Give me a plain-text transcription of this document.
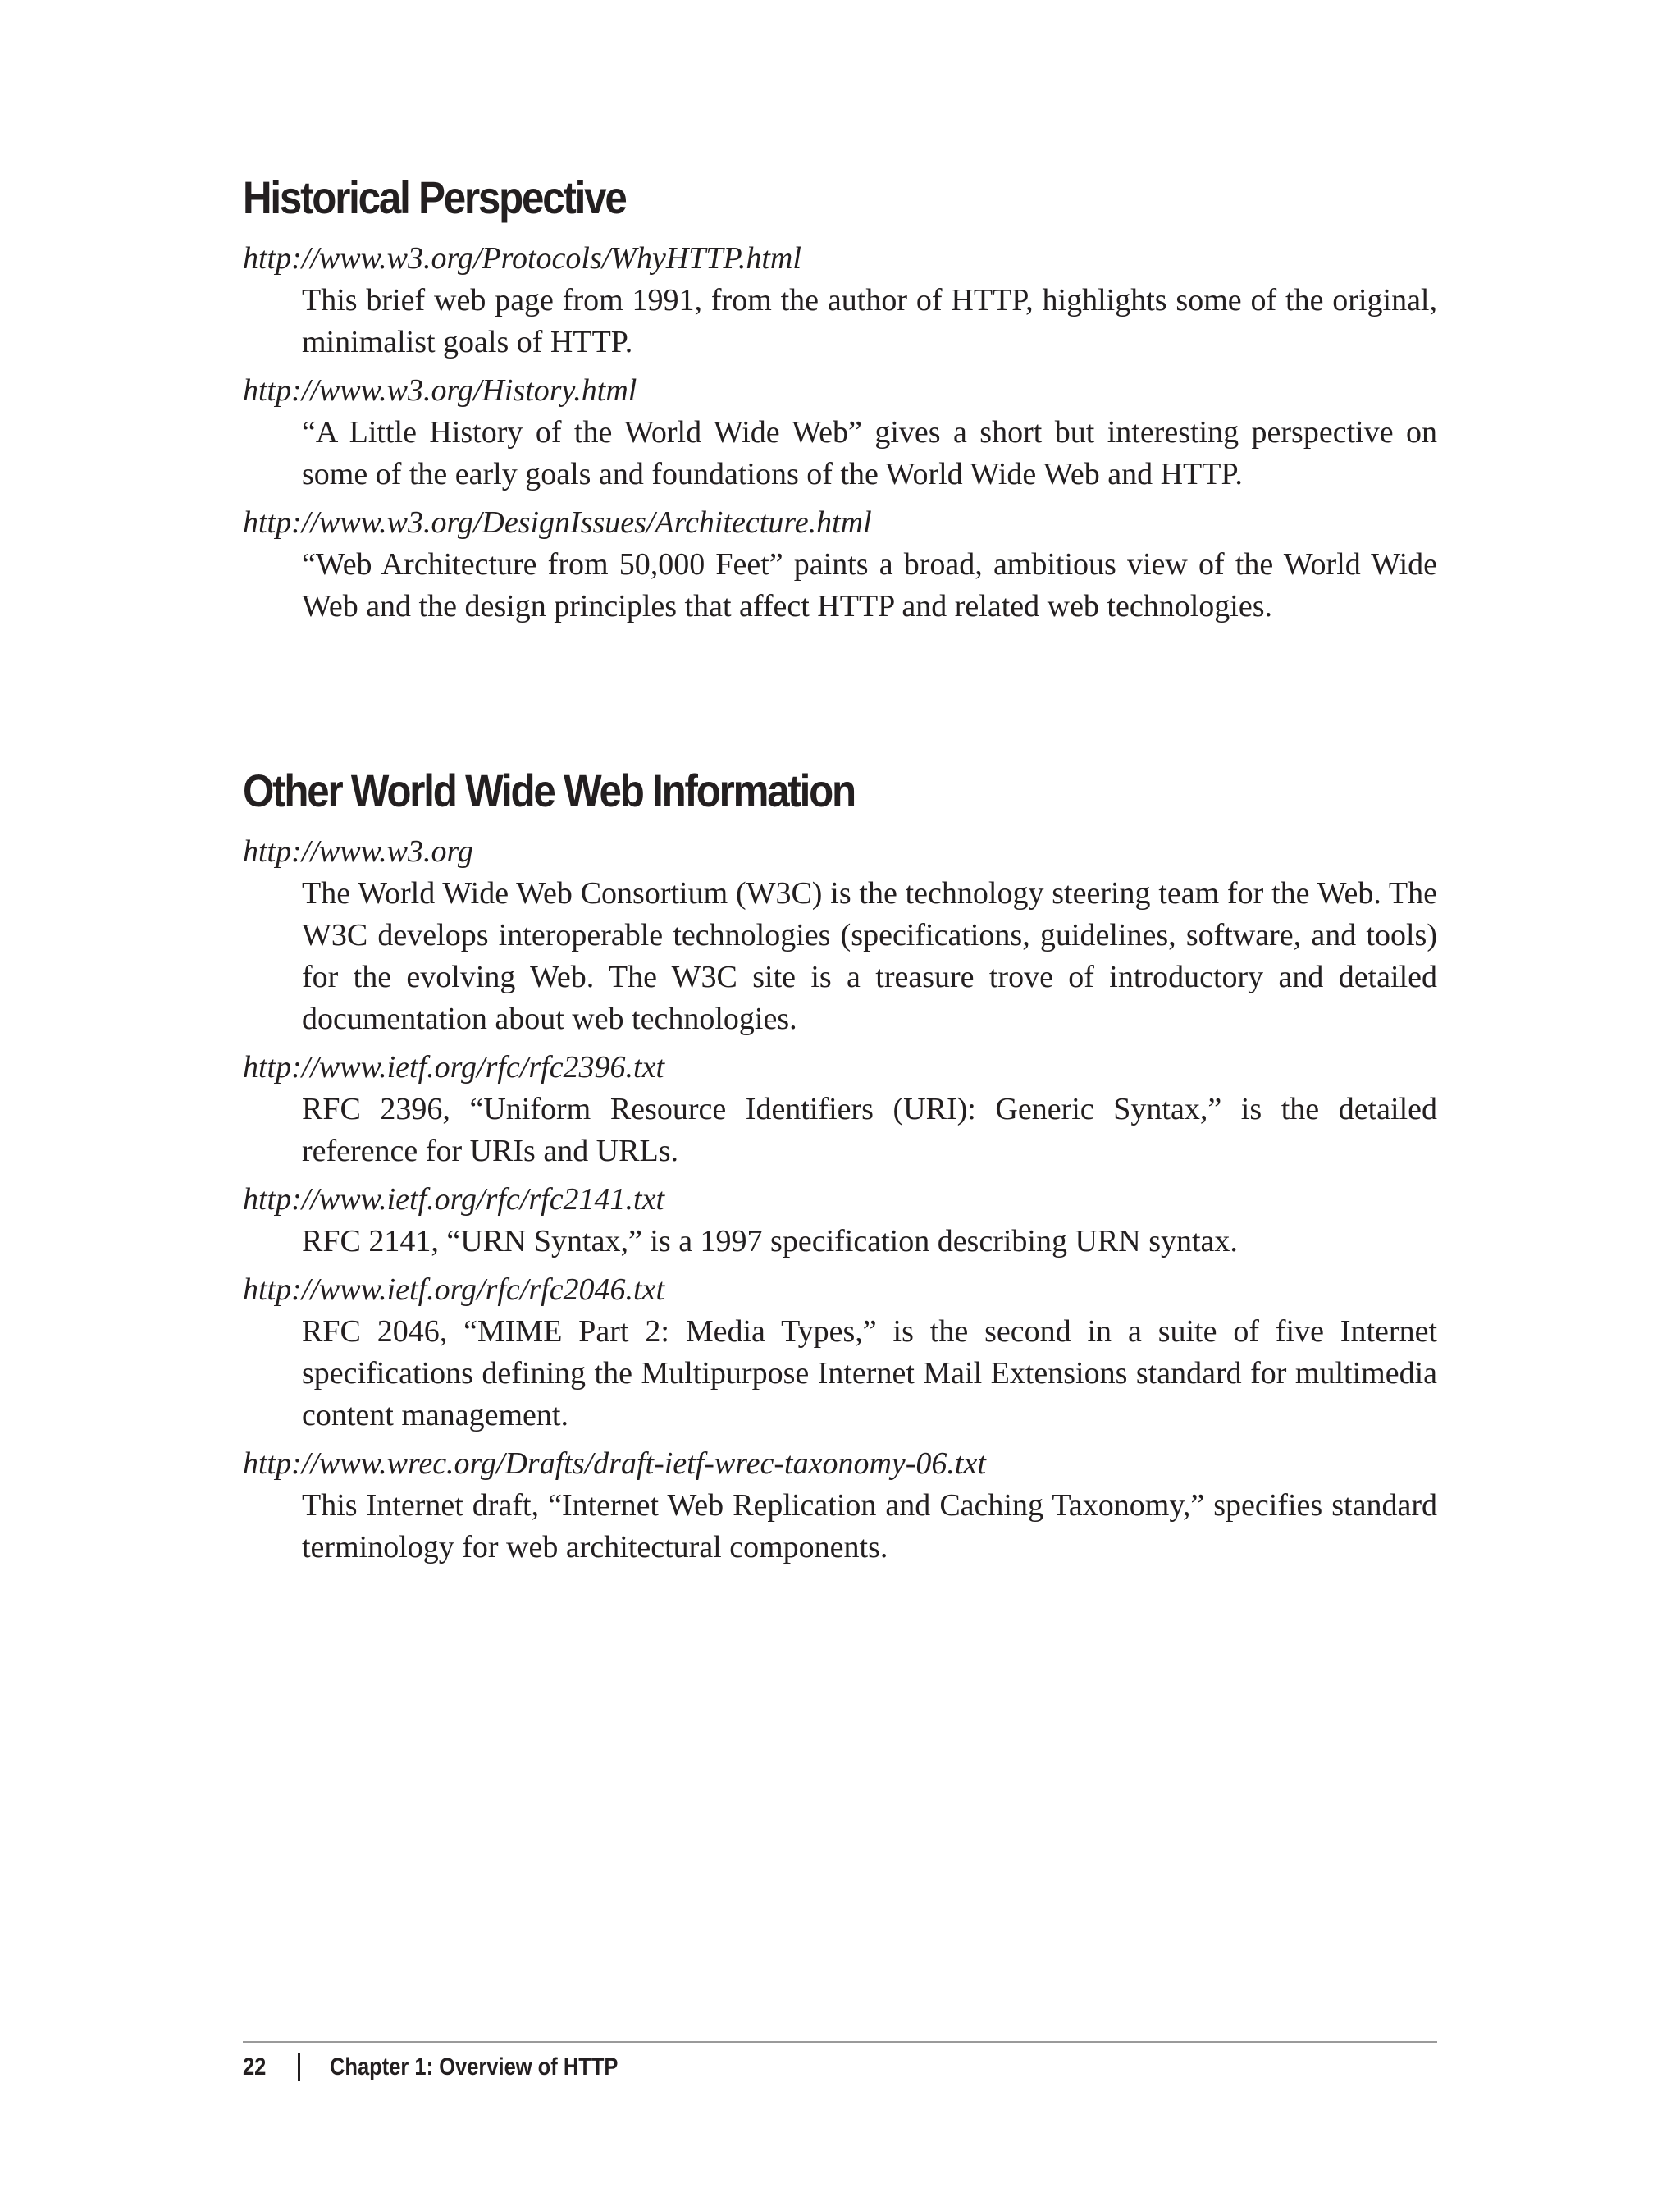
Historical Perspective
http://www.w3.org/Protocols/WhyHTTP.html
This brief web page from 1991, from the author of HTTP, highlights some of the original, minimalist goals of HTTP.
http://www.w3.org/History.html
“A Little History of the World Wide Web” gives a short but interesting perspective on some of the early goals and foundations of the World Wide Web and HTTP.
http://www.w3.org/DesignIssues/Architecture.html
“Web Architecture from 50,000 Feet” paints a broad, ambitious view of the World Wide Web and the design principles that affect HTTP and related web technologies.
Other World Wide Web Information
http://www.w3.org
The World Wide Web Consortium (W3C) is the technology steering team for the Web. The W3C develops interoperable technologies (specifications, guidelines, software, and tools) for the evolving Web. The W3C site is a treasure trove of introductory and detailed documentation about web technologies.
http://www.ietf.org/rfc/rfc2396.txt
RFC 2396, “Uniform Resource Identifiers (URI): Generic Syntax,” is the detailed reference for URIs and URLs.
http://www.ietf.org/rfc/rfc2141.txt
RFC 2141, “URN Syntax,” is a 1997 specification describing URN syntax.
http://www.ietf.org/rfc/rfc2046.txt
RFC 2046, “MIME Part 2: Media Types,” is the second in a suite of five Internet specifications defining the Multipurpose Internet Mail Extensions standard for multimedia content management.
http://www.wrec.org/Drafts/draft-ietf-wrec-taxonomy-06.txt
This Internet draft, “Internet Web Replication and Caching Taxonomy,” specifies standard terminology for web architectural components.
22	Chapter 1: Overview of HTTP
